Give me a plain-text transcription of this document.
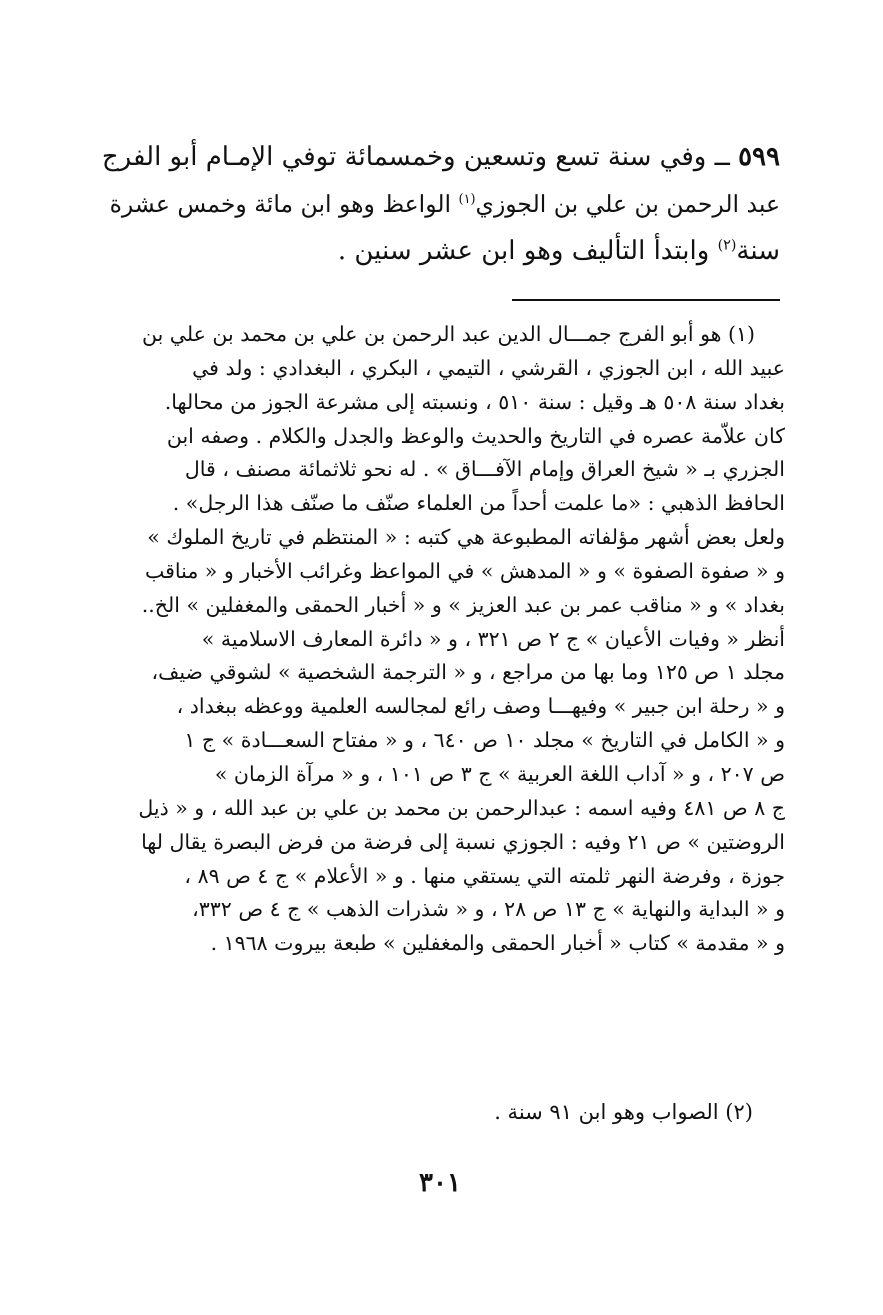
٥٩٩ ــ وفي سنة تسع وتسعين وخمسمائة توفي الإمـام أبو الفرج
عبد الرحمن بن علي بن الجوزي$^{(١)}$ الواعظ وهو ابن مائة وخمس عشرة
سنة$^{(٢)}$ وابتدأ التأليف وهو ابن عشر سنين .
(١) هو أبو الفرج جمـــال الدين عبد الرحمن بن علي بن محمد بن علي بن
عبيد الله ، ابن الجوزي ، القرشي ، التيمي ، البكري ، البغدادي : ولد في
بغداد سنة ٥٠٨ هـ وقيل : سنة ٥١٠ ، ونسبته إلى مشرعة الجوز من محالها.
كان علاّمة عصره في التاريخ والحديث والوعظ والجدل والكلام . وصفه ابن
الجزري بـ « شيخ العراق وإمام الآفـــاق » . له نحو ثلاثمائة مصنف ، قال
الحافظ الذهبي : «ما علمت أحداً من العلماء صنّف ما صنّف هذا الرجل» .
ولعل بعض أشهر مؤلفاته المطبوعة هي كتبه : « المنتظم في تاريخ الملوك »
و « صفوة الصفوة » و « المدهش » في المواعظ وغرائب الأخبار و « مناقب
بغداد » و « مناقب عمر بن عبد العزيز » و « أخبار الحمقى والمغفلين » الخ..
أنظر « وفيات الأعيان » ج ٢ ص ٣٢١ ، و « دائرة المعارف الاسلامية »
مجلد ١ ص ١٢٥ وما بها من مراجع ، و « الترجمة الشخصية » لشوقي ضيف،
و « رحلة ابن جبير » وفيهـــا وصف رائع لمجالسه العلمية ووعظه ببغداد ،
و « الكامل في التاريخ » مجلد ١٠ ص ٦٤٠ ، و « مفتاح السعـــادة » ج ١
ص ٢٠٧ ، و « آداب اللغة العربية » ج ٣ ص ١٠١ ، و « مرآة الزمان »
ج ٨ ص ٤٨١ وفيه اسمه : عبدالرحمن بن محمد بن علي بن عبد الله ، و « ذيل
الروضتين » ص ٢١ وفيه : الجوزي نسبة إلى فرضة من فرض البصرة يقال لها
جوزة ، وفرضة النهر ثلمته التي يستقي منها . و « الأعلام » ج ٤ ص ٨٩ ،
و « البداية والنهاية » ج ١٣ ص ٢٨ ، و « شذرات الذهب » ج ٤ ص ٣٣٢،
و « مقدمة » كتاب « أخبار الحمقى والمغفلين » طبعة بيروت ١٩٦٨ .
(٢) الصواب وهو ابن ٩١ سنة .
٣٠١
